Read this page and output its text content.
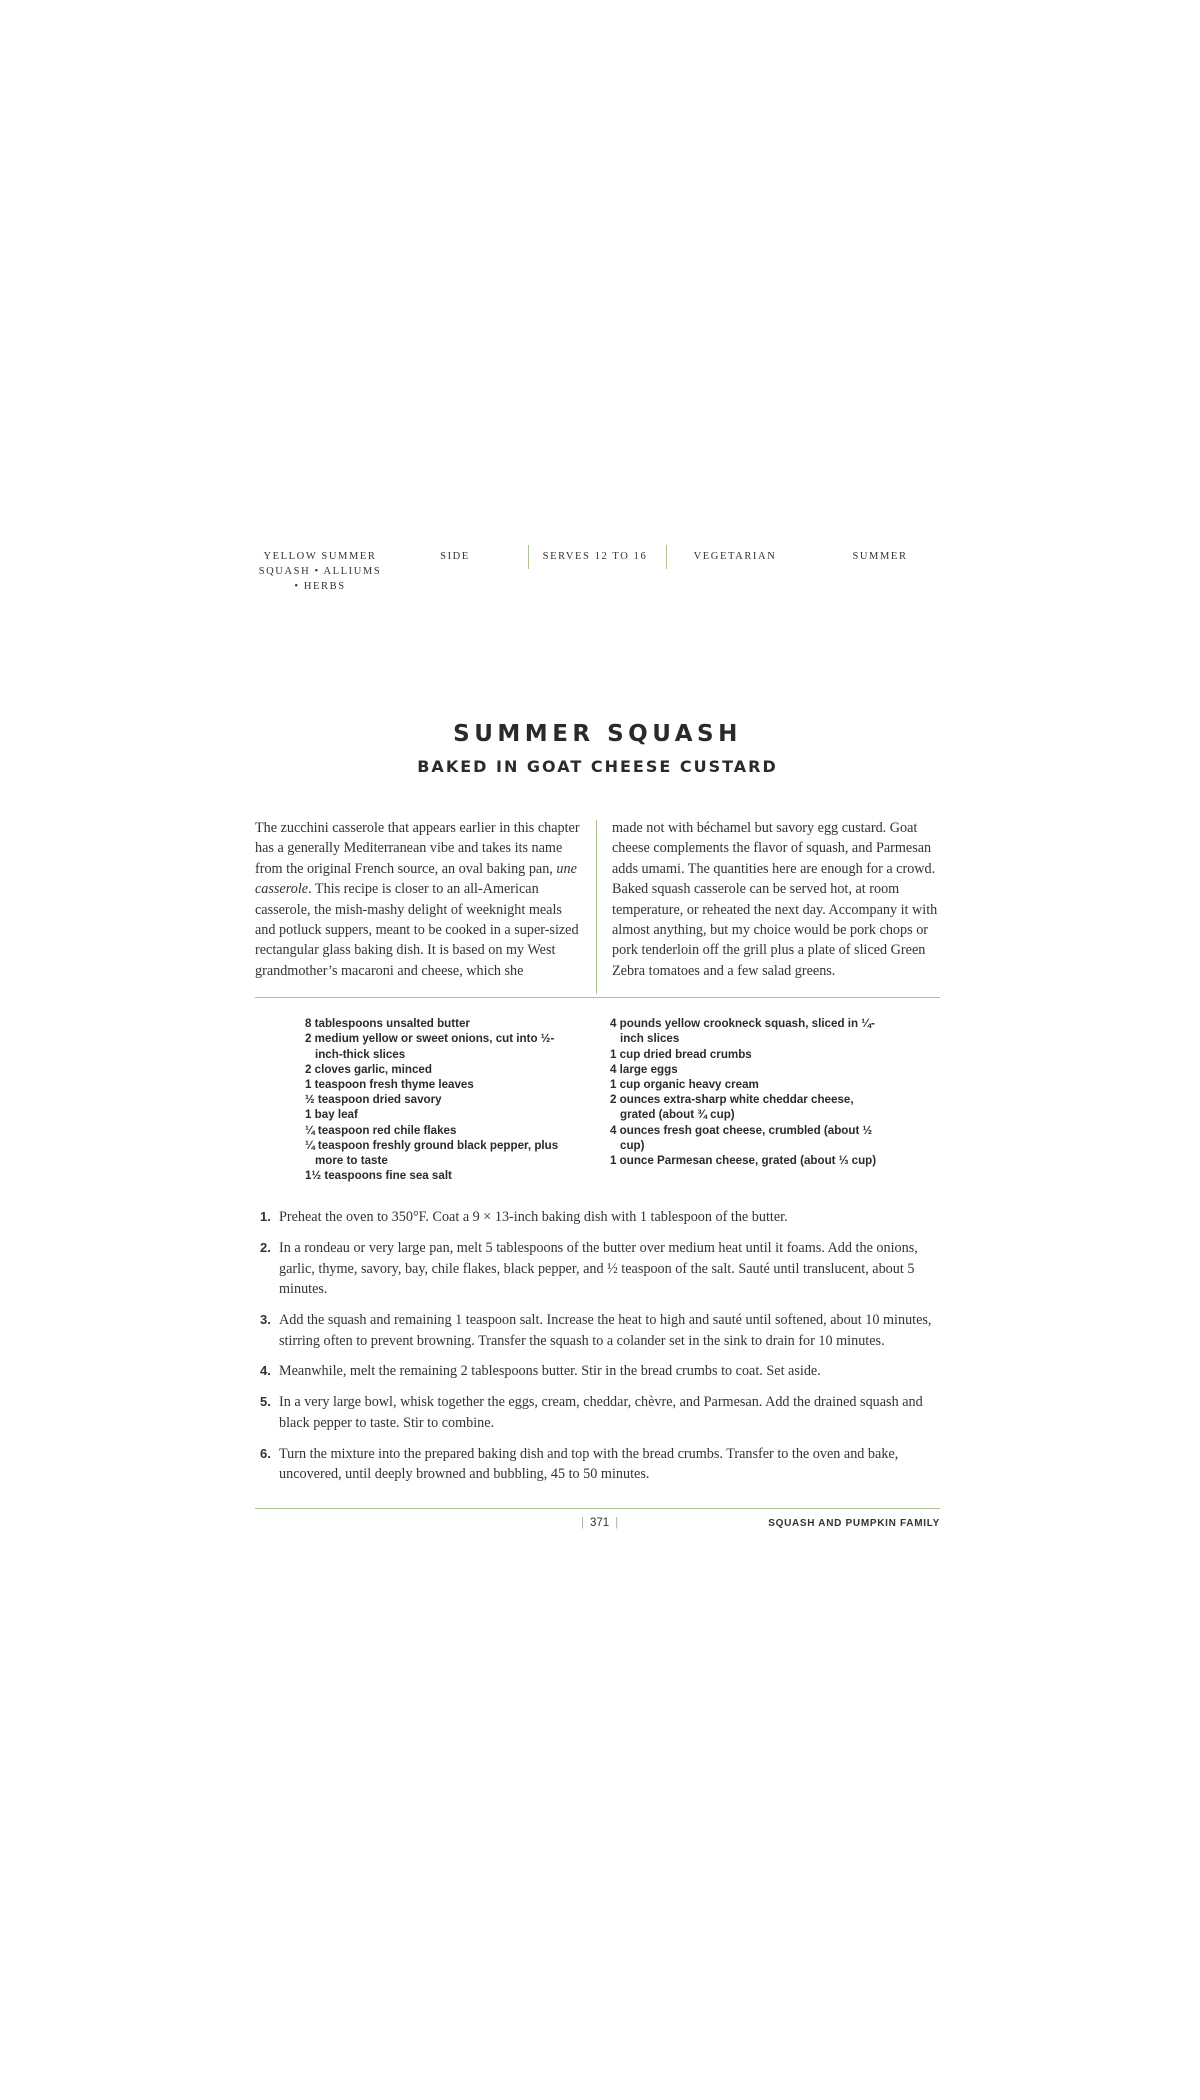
YELLOW SUMMER SQUASH • ALLIUMS • HERBS
SIDE	SERVES 12 TO 16	VEGETARIAN	SUMMER
SUMMER SQUASH
BAKED IN GOAT CHEESE CUSTARD

The zucchini casserole that appears earlier in this chapter has a generally Mediterranean vibe and takes its name from the original French source, an oval baking pan, une casserole. This recipe is closer to an all-American casserole, the mish-mashy delight of weeknight meals and potluck suppers, meant to be cooked in a super-sized rectangular glass baking dish. It is based on my West grandmother’s macaroni and cheese, which she

made not with béchamel but savory egg custard. Goat cheese complements the flavor of squash, and Parmesan adds umami. The quantities here are enough for a crowd. Baked squash casserole can be served hot, at room temperature, or reheated the next day. Accompany it with almost anything, but my choice would be pork chops or pork tenderloin off the grill plus a plate of sliced Green Zebra tomatoes and a few salad greens.

8 tablespoons unsalted butter
2 medium yellow or sweet onions, cut into ½-inch-thick slices
2 cloves garlic, minced
1 teaspoon fresh thyme leaves
½ teaspoon dried savory
1 bay leaf
¼ teaspoon red chile flakes
¼ teaspoon freshly ground black pepper, plus more to taste
1½ teaspoons fine sea salt
4 pounds yellow crookneck squash, sliced in ¼-inch slices
1 cup dried bread crumbs
4 large eggs
1 cup organic heavy cream
2 ounces extra-sharp white cheddar cheese, grated (about ¾ cup)
4 ounces fresh goat cheese, crumbled (about ½ cup)
1 ounce Parmesan cheese, grated (about ⅓ cup)
1. Preheat the oven to 350°F. Coat a 9 × 13-inch baking dish with 1 tablespoon of the butter.
2. In a rondeau or very large pan, melt 5 tablespoons of the butter over medium heat until it foams. Add the onions, garlic, thyme, savory, bay, chile flakes, black pepper, and ½ teaspoon of the salt. Sauté until translucent, about 5 minutes.
3. Add the squash and remaining 1 teaspoon salt. Increase the heat to high and sauté until softened, about 10 minutes, stirring often to prevent browning. Transfer the squash to a colander set in the sink to drain for 10 minutes.
4. Meanwhile, melt the remaining 2 tablespoons butter. Stir in the bread crumbs to coat. Set aside.
5. In a very large bowl, whisk together the eggs, cream, cheddar, chèvre, and Parmesan. Add the drained squash and black pepper to taste. Stir to combine.
6. Turn the mixture into the prepared baking dish and top with the bread crumbs. Transfer to the oven and bake, uncovered, until deeply browned and bubbling, 45 to 50 minutes.
| 371 |	SQUASH AND PUMPKIN FAMILY
